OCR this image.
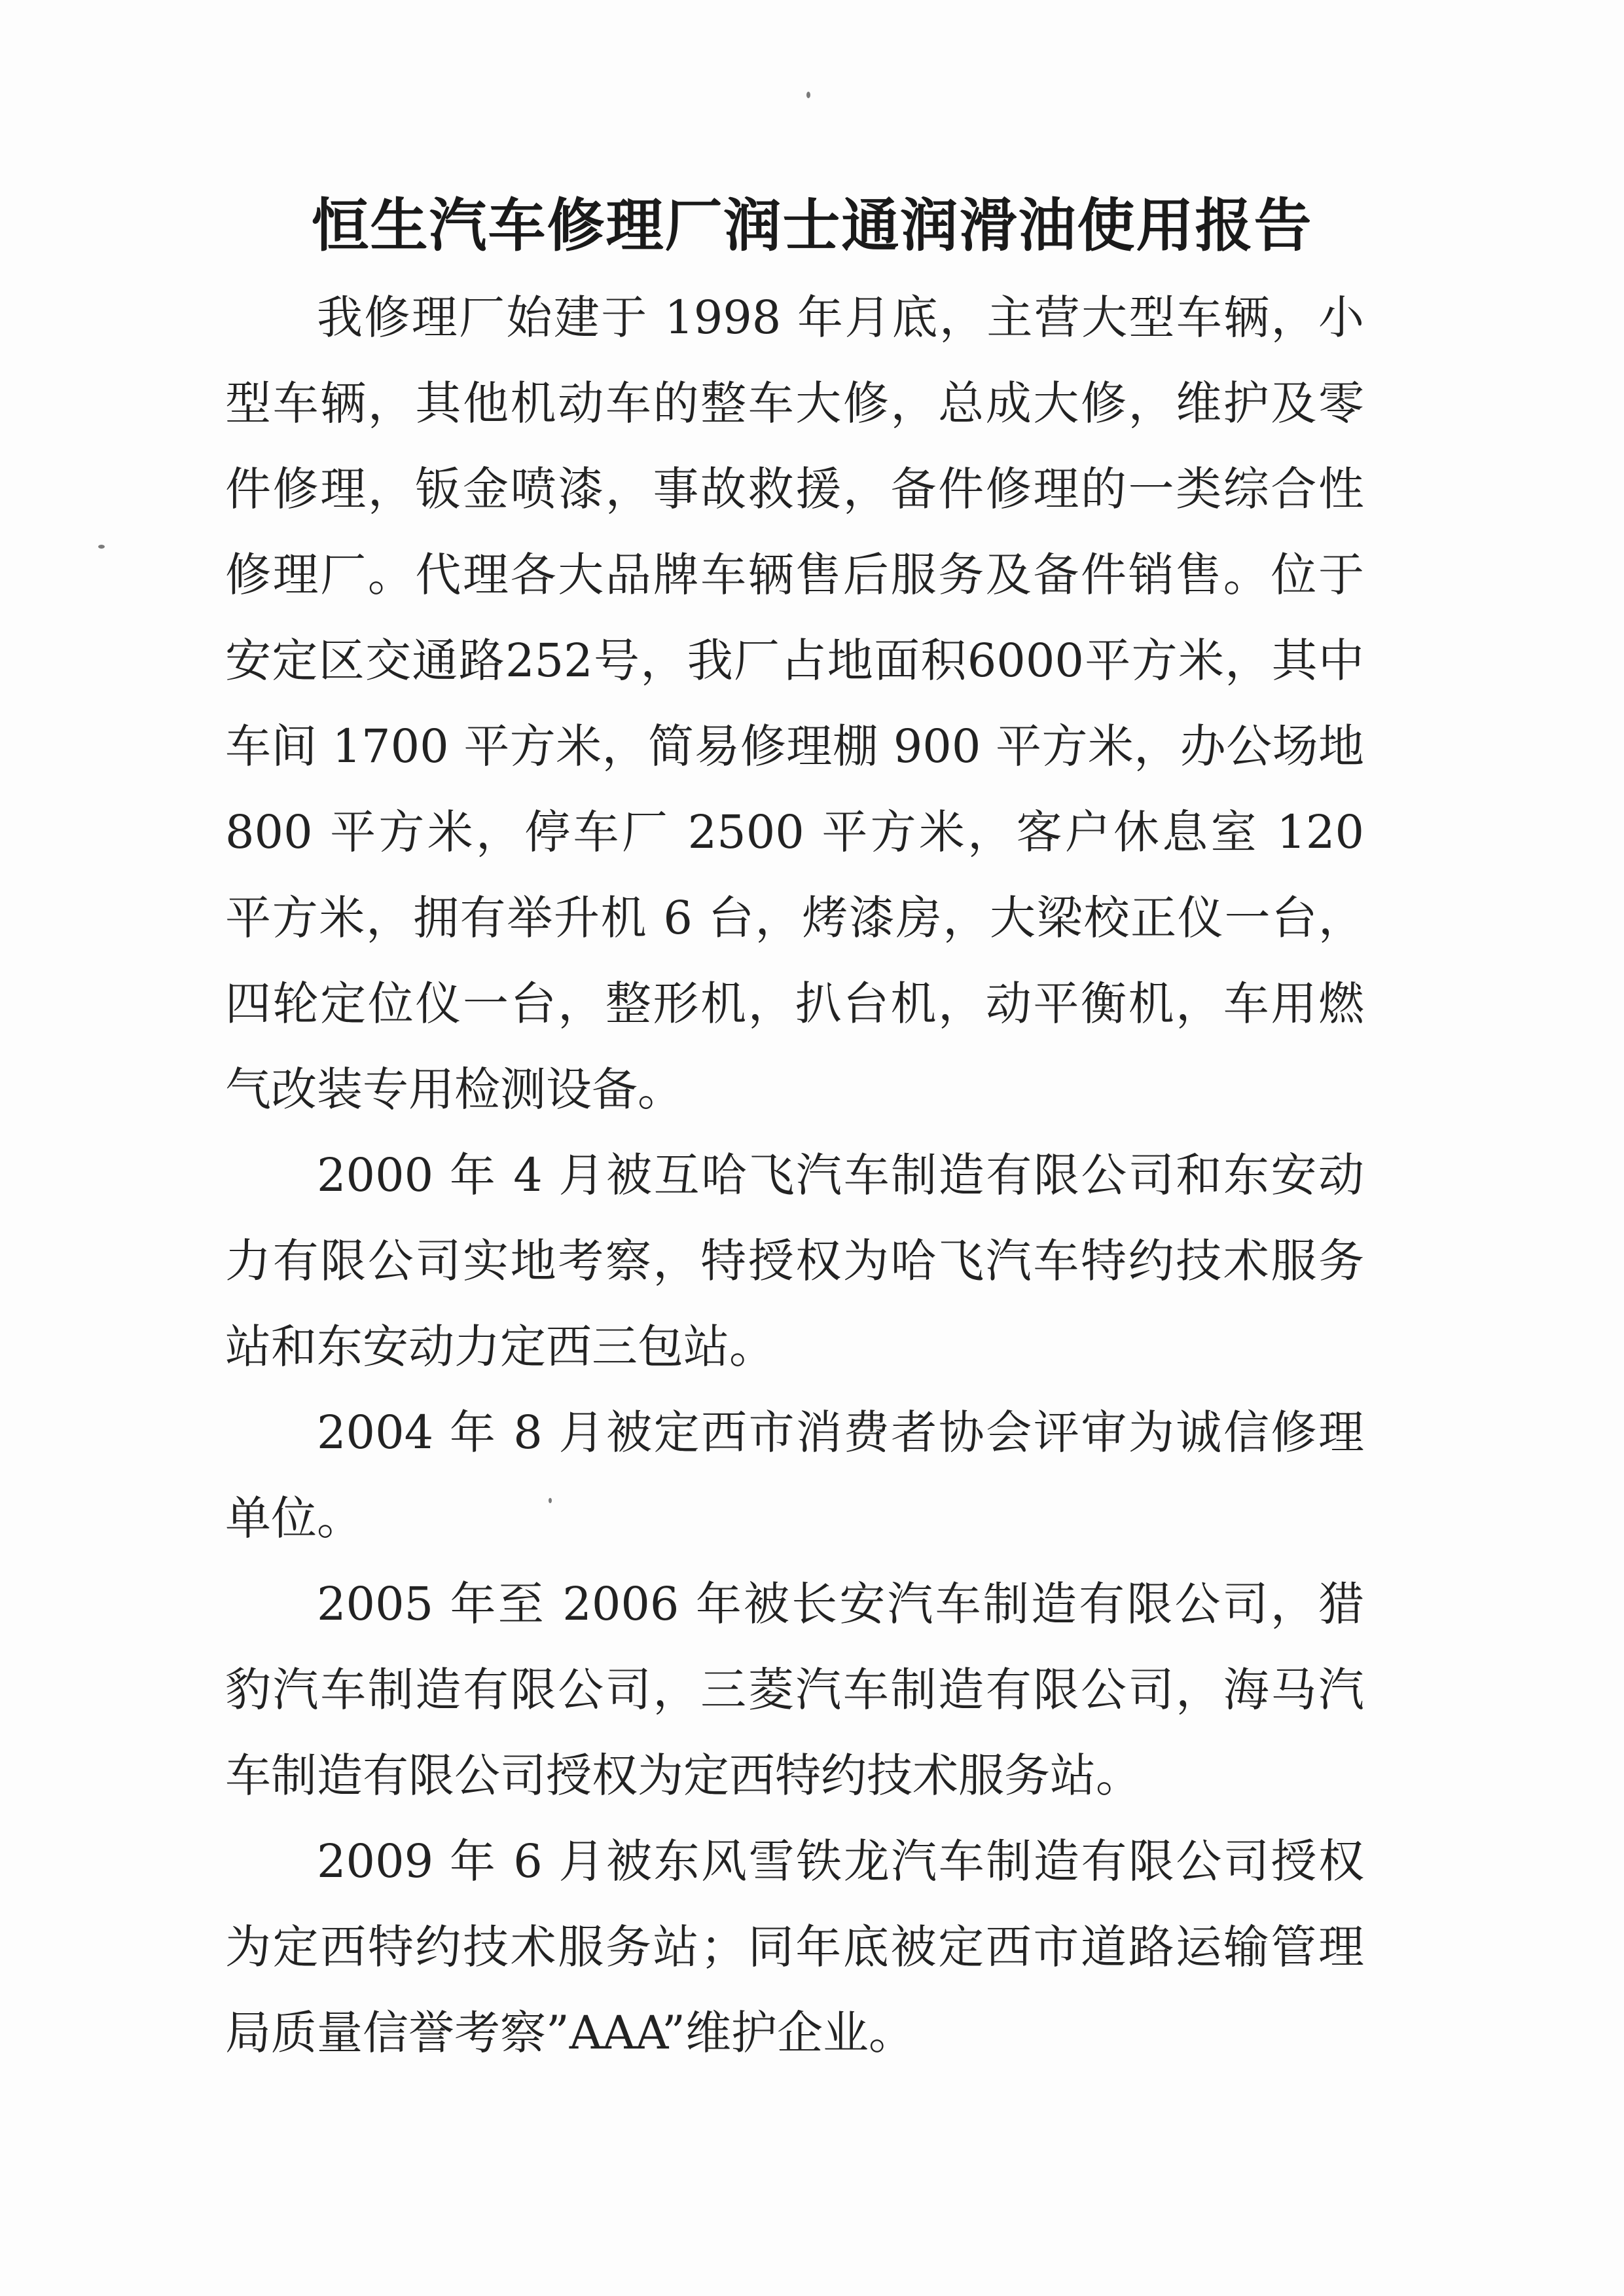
恒生汽车修理厂润士通润滑油使用报告

我修理厂始建于 1998 年月底，主营大型车辆，小型车辆，其他机动车的整车大修，总成大修，维护及零件修理，钣金喷漆，事故救援，备件修理的一类综合性修理厂。代理各大品牌车辆售后服务及备件销售。位于安定区交通路252号，我厂占地面积6000平方米，其中车间 1700 平方米，简易修理棚 900 平方米，办公场地 800 平方米，停车厂 2500 平方米，客户休息室 120 平方米，拥有举升机 6 台，烤漆房，大梁校正仪一台，四轮定位仪一台，整形机，扒台机，动平衡机，车用燃气改装专用检测设备。

2000 年 4 月被互哈飞汽车制造有限公司和东安动力有限公司实地考察，特授权为哈飞汽车特约技术服务站和东安动力定西三包站。

2004 年 8 月被定西市消费者协会评审为诚信修理单位。

2005 年至 2006 年被长安汽车制造有限公司，猎豹汽车制造有限公司，三菱汽车制造有限公司，海马汽车制造有限公司授权为定西特约技术服务站。

2009 年 6 月被东风雪铁龙汽车制造有限公司授权为定西特约技术服务站；同年底被定西市道路运输管理局质量信誉考察”AAA”维护企业。
